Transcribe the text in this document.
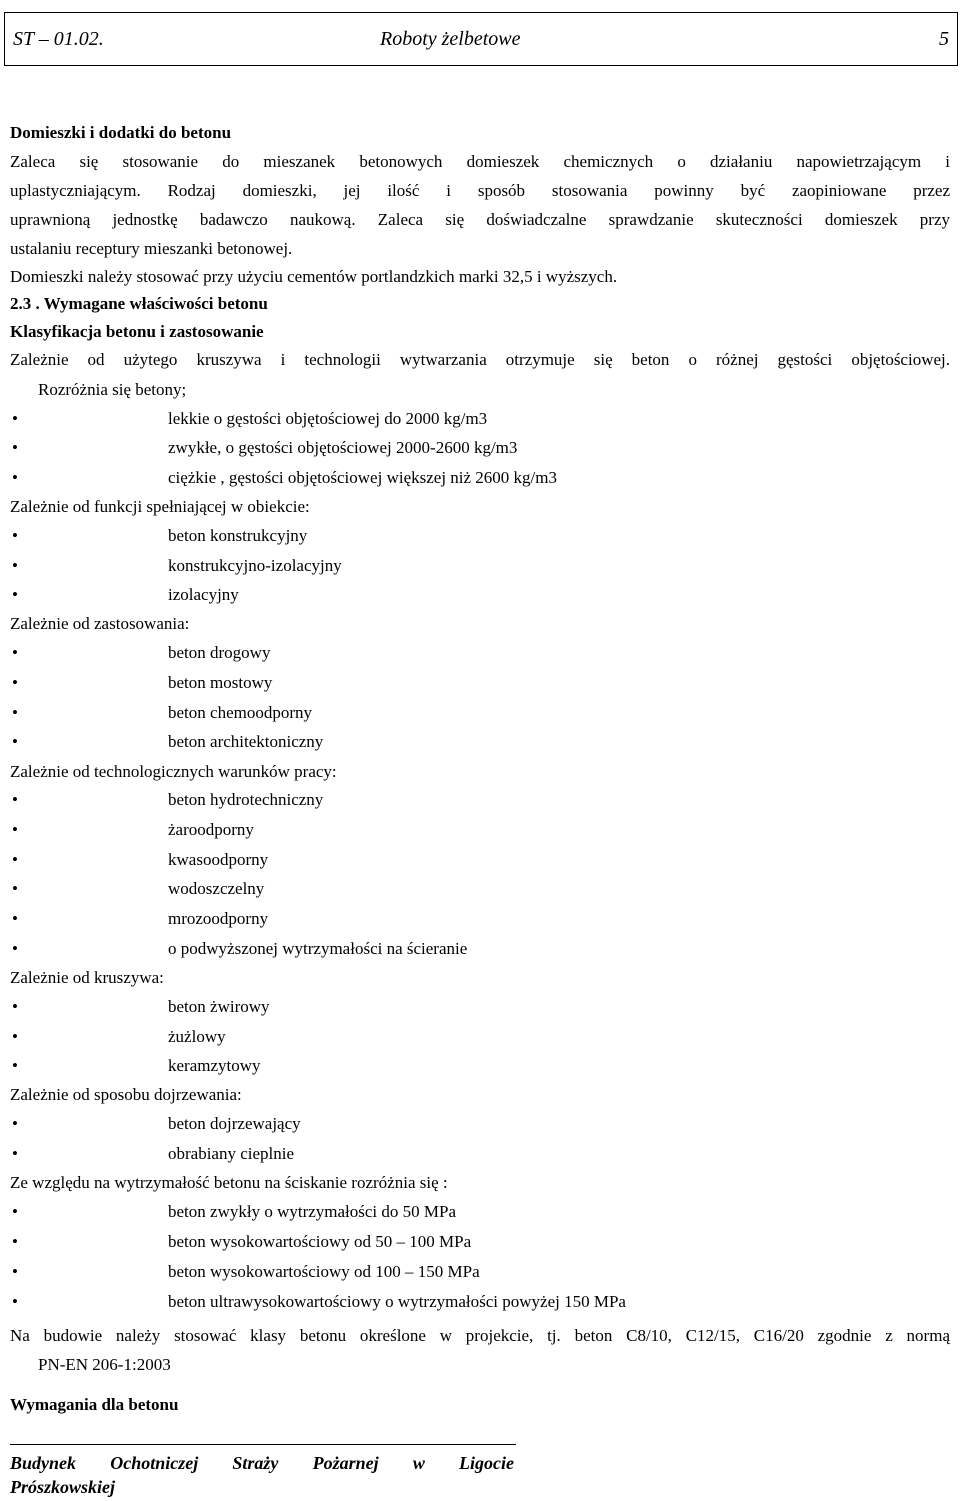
ST – 01.02.	Roboty żelbetowe	5
Domieszki i dodatki do betonu
Zaleca się stosowanie do mieszanek betonowych domieszek chemicznych o działaniu napowietrzającym i
uplastyczniającym. Rodzaj domieszki, jej ilość i sposób stosowania powinny być zaopiniowane przez
uprawnioną jednostkę badawczo naukową. Zaleca się doświadczalne sprawdzanie skuteczności domieszek przy
ustalaniu receptury mieszanki betonowej.
Domieszki należy stosować przy użyciu cementów portlandzkich marki 32,5 i wyższych.
2.3 . Wymagane właściwości betonu
Klasyfikacja betonu i zastosowanie
Zależnie od użytego kruszywa i technologii wytwarzania otrzymuje się beton o różnej gęstości objętościowej.
Rozróżnia się betony;
•
lekkie o gęstości objętościowej do 2000 kg/m3
•
zwykłe, o gęstości objętościowej 2000-2600 kg/m3
•
ciężkie , gęstości objętościowej większej niż 2600 kg/m3
Zależnie od funkcji spełniającej w obiekcie:
•
beton konstrukcyjny
•
konstrukcyjno-izolacyjny
•
izolacyjny
Zależnie od zastosowania:
•
beton drogowy
•
beton mostowy
•
beton chemoodporny
•
beton architektoniczny
Zależnie od technologicznych warunków pracy:
•
beton hydrotechniczny
•
żaroodporny
•
kwasoodporny
•
wodoszczelny
•
mrozoodporny
•
o podwyższonej wytrzymałości na ścieranie
Zależnie od kruszywa:
•
beton żwirowy
•
żużlowy
•
keramzytowy
Zależnie od sposobu dojrzewania:
•
beton dojrzewający
•
obrabiany cieplnie
Ze względu na wytrzymałość betonu na ściskanie rozróżnia się :
•
beton zwykły o wytrzymałości do 50 MPa
•
beton wysokowartościowy od 50 – 100 MPa
•
beton wysokowartościowy od 100 – 150 MPa
•
beton ultrawysokowartościowy o wytrzymałości powyżej 150 MPa
Na budowie należy stosować klasy betonu określone w projekcie, tj. beton C8/10, C12/15, C16/20 zgodnie z normą
PN-EN 206-1:2003
Wymagania dla betonu
Budynek Ochotniczej Straży Pożarnej w Ligocie
Prószkowskiej
